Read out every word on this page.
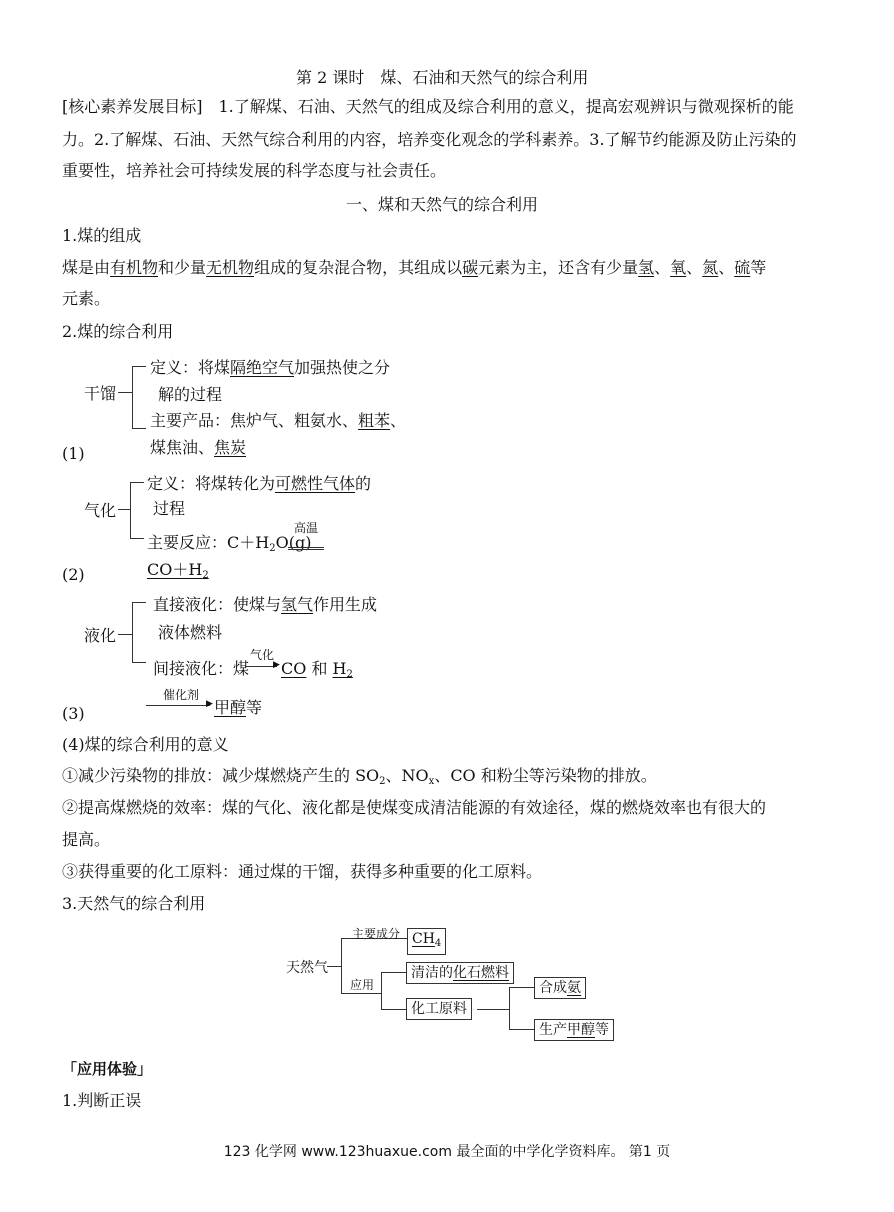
第 2 课时　煤、石油和天然气的综合利用
[核心素养发展目标]　1.了解煤、石油、天然气的组成及综合利用的意义，提高宏观辨识与微观探析的能
力。2.了解煤、石油、天然气综合利用的内容，培养变化观念的学科素养。3.了解节约能源及防止污染的
重要性，培养社会可持续发展的科学态度与社会责任。
一、煤和天然气的综合利用
1.煤的组成
煤是由有机物和少量无机物组成的复杂混合物，其组成以碳元素为主，还含有少量氢、氧、氮、硫等
元素。
2.煤的综合利用
干馏
定义：将煤隔绝空气加强热使之分
解的过程
主要产品：焦炉气、粗氨水、粗苯、
煤焦油、焦炭
(1)
气化
定义：将煤转化为可燃性气体的
过程
主要反应：$C+H_2O(g)$
高温
$CO+H_2$
(2)
液化
直接液化：使煤与氢气作用生成
液体燃料
间接液化：煤
气化
▶ CO 和 $H_2$
催化剂
▶ 甲醇等
(3)
(4)煤的综合利用的意义
①减少污染物的排放：减少煤燃烧产生的 $SO_2$、$NO_x$、CO 和粉尘等污染物的排放。
②提高煤燃烧的效率：煤的气化、液化都是使煤变成清洁能源的有效途径，煤的燃烧效率也有很大的
提高。
③获得重要的化工原料：通过煤的干馏，获得多种重要的化工原料。
3.天然气的综合利用
天然气
主要成分 $CH_4$
应用
清洁的化石燃料
化工原料
合成氨
生产甲醇等
「应用体验」
1.判断正误
123 化学网 www.123huaxue.com 最全面的中学化学资料库。 第1 页
